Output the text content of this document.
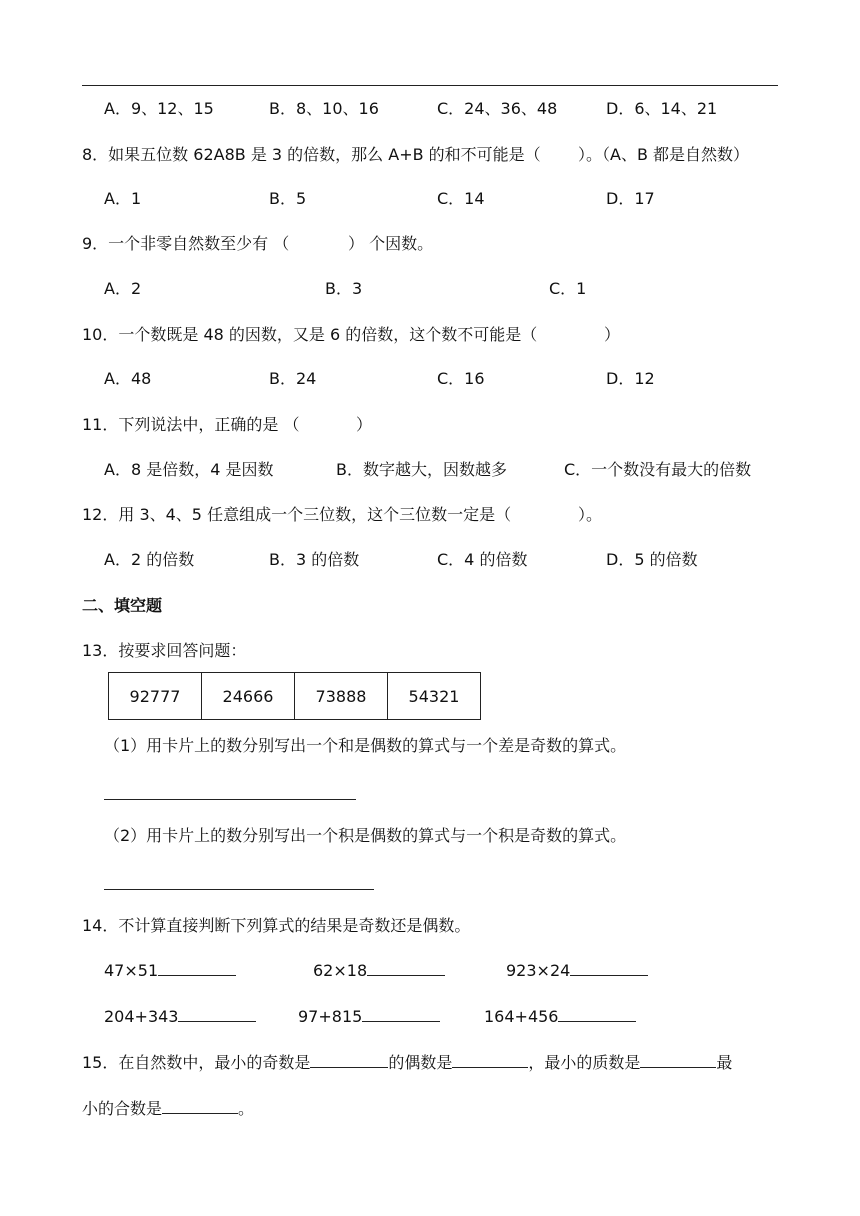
A．9、12、15	B．8、10、16	C．24、36、48	D．6、14、21
8．如果五位数 62A8B 是 3 的倍数，那么 A+B 的和不可能是（ ）。（A、B 都是自然数）
A．1	B．5	C．14	D．17
9．一个非零自然数至少有 （	） 个因数。
A．2	B．3	C．1
10．一个数既是 48 的因数，又是 6 的倍数，这个数不可能是（	）
A．48	B．24	C．16	D．12
11．下列说法中，正确的是 （	）
A．8 是倍数，4 是因数	B．数字越大，因数越多	C．一个数没有最大的倍数
12．用 3、4、5 任意组成一个三位数，这个三位数一定是（	）。
A．2 的倍数	B．3 的倍数	C．4 的倍数	D．5 的倍数
二、填空题
13．按要求回答问题：
92777	24666	73888	54321
（1）用卡片上的数分别写出一个和是偶数的算式与一个差是奇数的算式。
（2）用卡片上的数分别写出一个积是偶数的算式与一个积是奇数的算式。
14．不计算直接判断下列算式的结果是奇数还是偶数。
47×51	62×18	923×24
204+343	97+815	164+456
15．在自然数中，最小的奇数是	的偶数是	，最小的质数是	最
小的合数是	。
